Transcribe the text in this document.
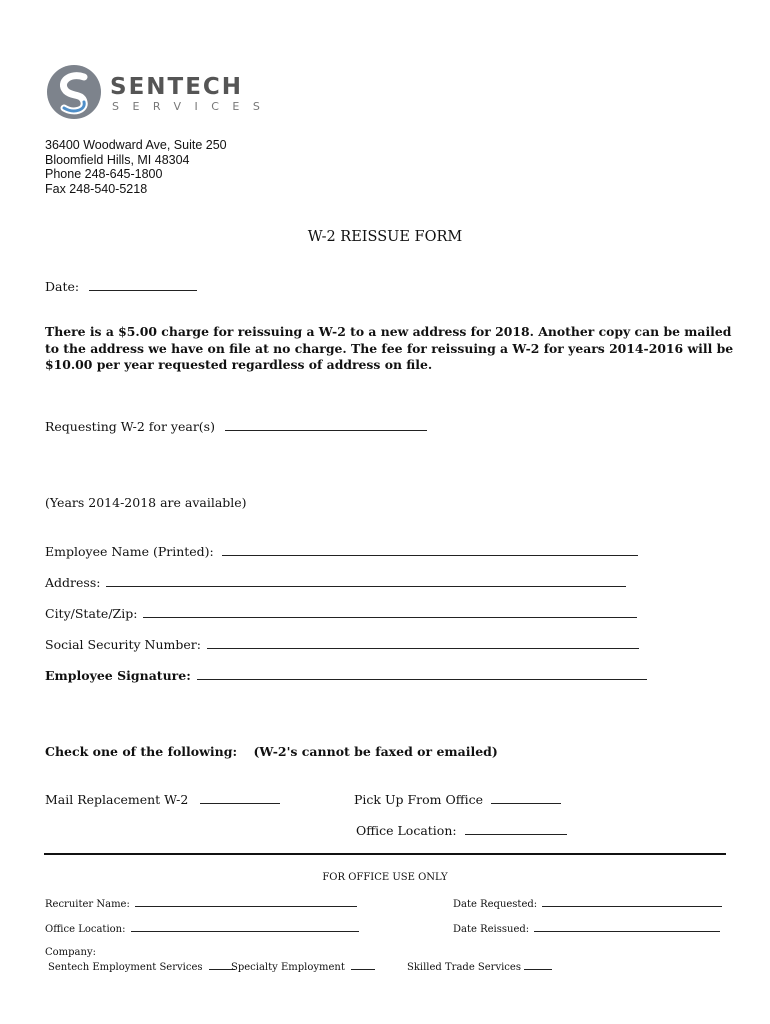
SENTECH
SERVICES
36400 Woodward Ave, Suite 250
Bloomfield Hills, MI 48304
Phone 248-645-1800
Fax 248-540-5218
W-2 REISSUE FORM
Date:
There is a $5.00 charge for reissuing a W-2 to a new address for 2018. Another copy can be mailed to the address we have on file at no charge. The fee for reissuing a W-2 for years 2014-2016 will be $10.00 per year requested regardless of address on file.
Requesting W-2 for year(s)
(Years 2014-2018 are available)
Employee Name (Printed):
Address:
City/State/Zip:
Social Security Number:
Employee Signature:
Check one of the following: (W-2's cannot be faxed or emailed)
Mail Replacement W-2	Pick Up From Office
Office Location:
FOR OFFICE USE ONLY
Recruiter Name:	Date Requested:
Office Location:	Date Reissued:
Company:
Sentech Employment Services	Specialty Employment	Skilled Trade Services
